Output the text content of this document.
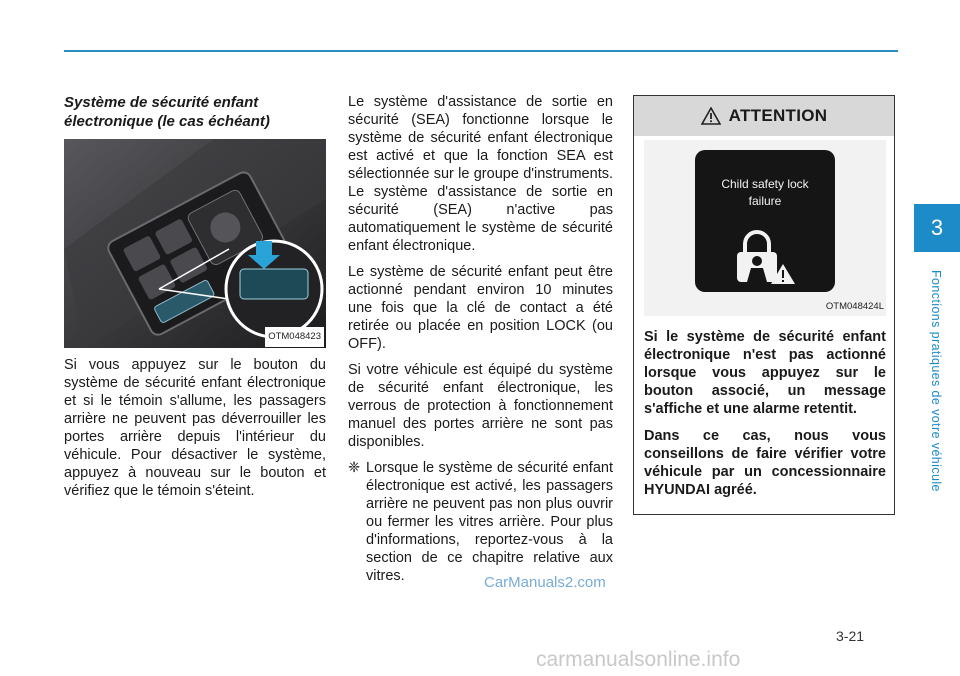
3
Fonctions pratiques de votre véhicule
Système de sécurité enfant électronique (le cas échéant)
OTM048423

Si vous appuyez sur le bouton du système de sécurité enfant électronique et si le témoin s'allume, les passagers arrière ne peuvent pas déverrouiller les portes arrière depuis l'intérieur du véhicule. Pour désactiver le système, appuyez à nouveau sur le bouton et vérifiez que le témoin s'éteint.

Le système d'assistance de sortie en sécurité (SEA) fonctionne lorsque le système de sécurité enfant électronique est activé et que la fonction SEA est sélectionnée sur le groupe d'instruments. Le système d'assistance de sortie en sécurité (SEA) n'active pas automatiquement le système de sécurité enfant électronique.

Le système de sécurité enfant peut être actionné pendant environ 10 minutes une fois que la clé de contact a été retirée ou placée en position LOCK (ou OFF).

Si votre véhicule est équipé du système de sécurité enfant électronique, les verrous de protection à fonctionnement manuel des portes arrière ne sont pas disponibles.

❈ Lorsque le système de sécurité enfant électronique est activé, les passagers arrière ne peuvent pas non plus ouvrir ou fermer les vitres arrière. Pour plus d'informations, reportez-vous à la section de ce chapitre relative aux vitres.
ATTENTION
Child safety lock
failure
OTM048424L

Si le système de sécurité enfant électronique n'est pas actionné lorsque vous appuyez sur le bouton associé, un message s'affiche et une alarme retentit.

Dans ce cas, nous vous conseillons de faire vérifier votre véhicule par un concessionnaire HYUNDAI agréé.

3-21
CarManuals2.com
carmanualsonline.info
